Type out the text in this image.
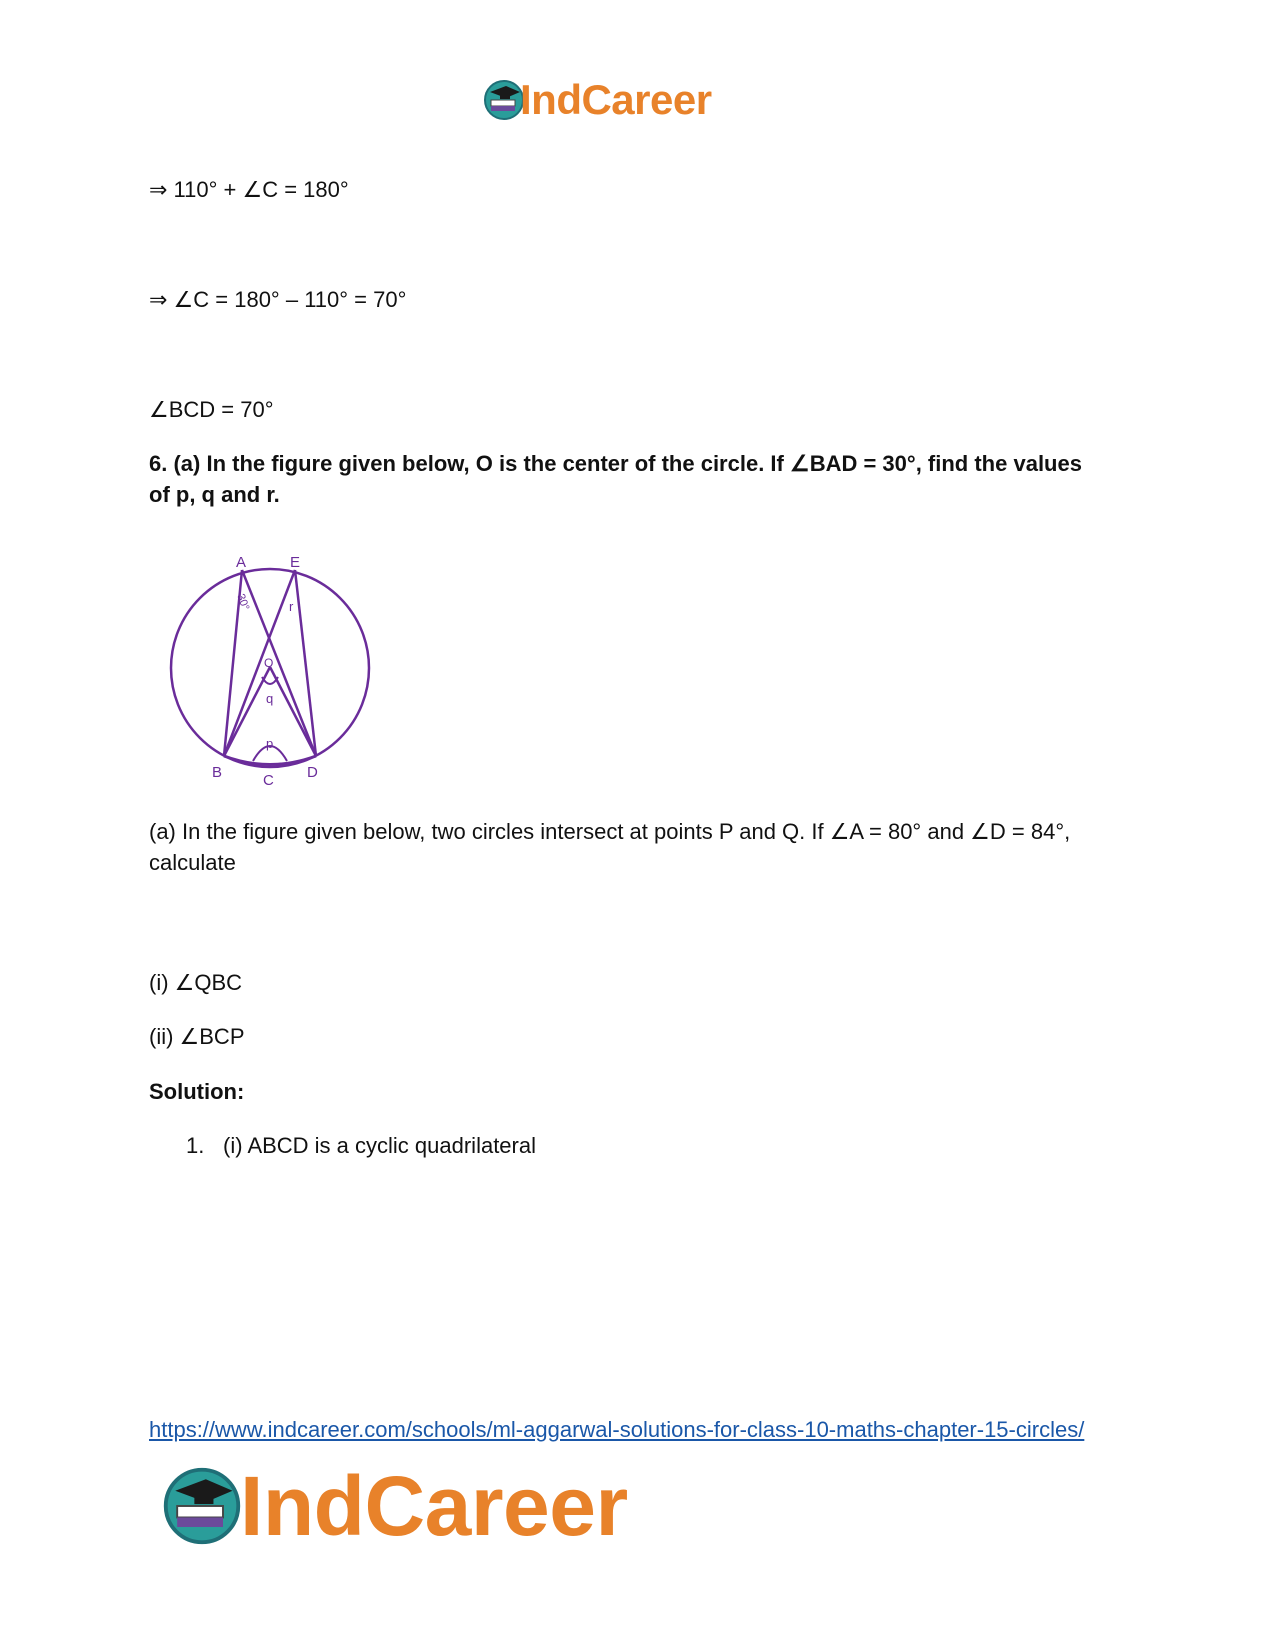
IndCareer
⇒ 110° + ∠C = 180°
⇒ ∠C = 180° – 110° = 70°
∠BCD = 70°
6. (a) In the figure given below, O is the center of the circle. If ∠BAD = 30°, find the values
of p, q and r.
A	E
B	C D
O
p
q
r
30°
(a) In the figure given below, two circles intersect at points P and Q. If ∠A = 80° and ∠D = 84°,
calculate
(i) ∠QBC
(ii) ∠BCP
Solution:
1. (i) ABCD is a cyclic quadrilateral
https://www.indcareer.com/schools/ml-aggarwal-solutions-for-class-10-maths-chapter-15-circles/
IndCareer
